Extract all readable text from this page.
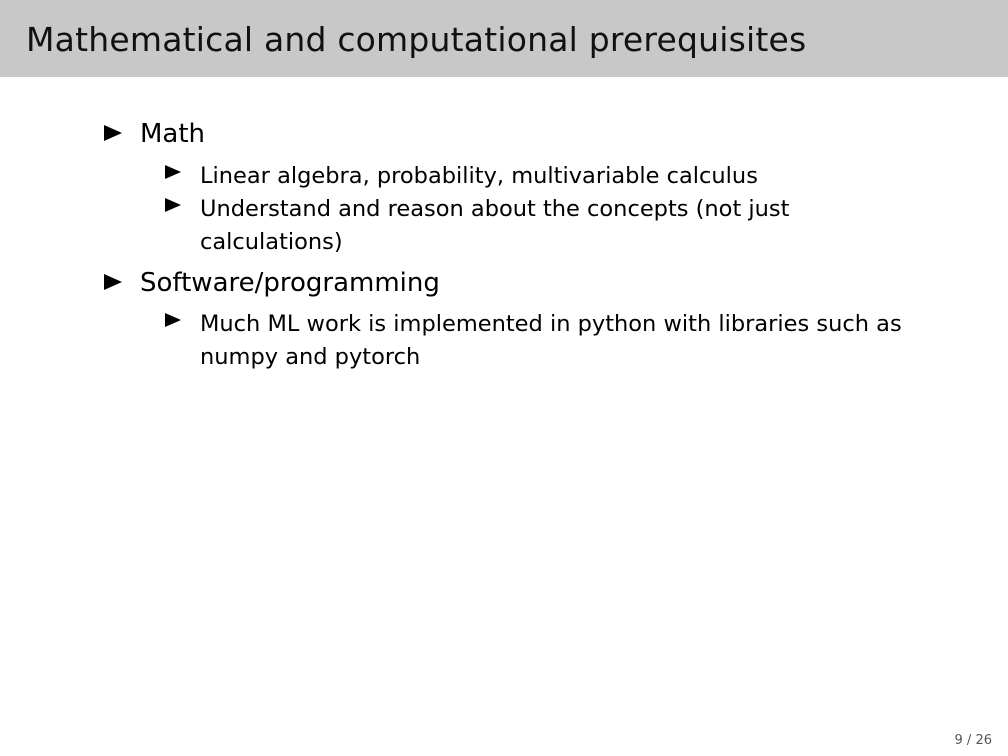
Mathematical and computational prerequisites
Math
Linear algebra, probability, multivariable calculus
Understand and reason about the concepts (not just
calculations)
Software/programming
Much ML work is implemented in python with libraries such as
numpy and pytorch
9 / 26
